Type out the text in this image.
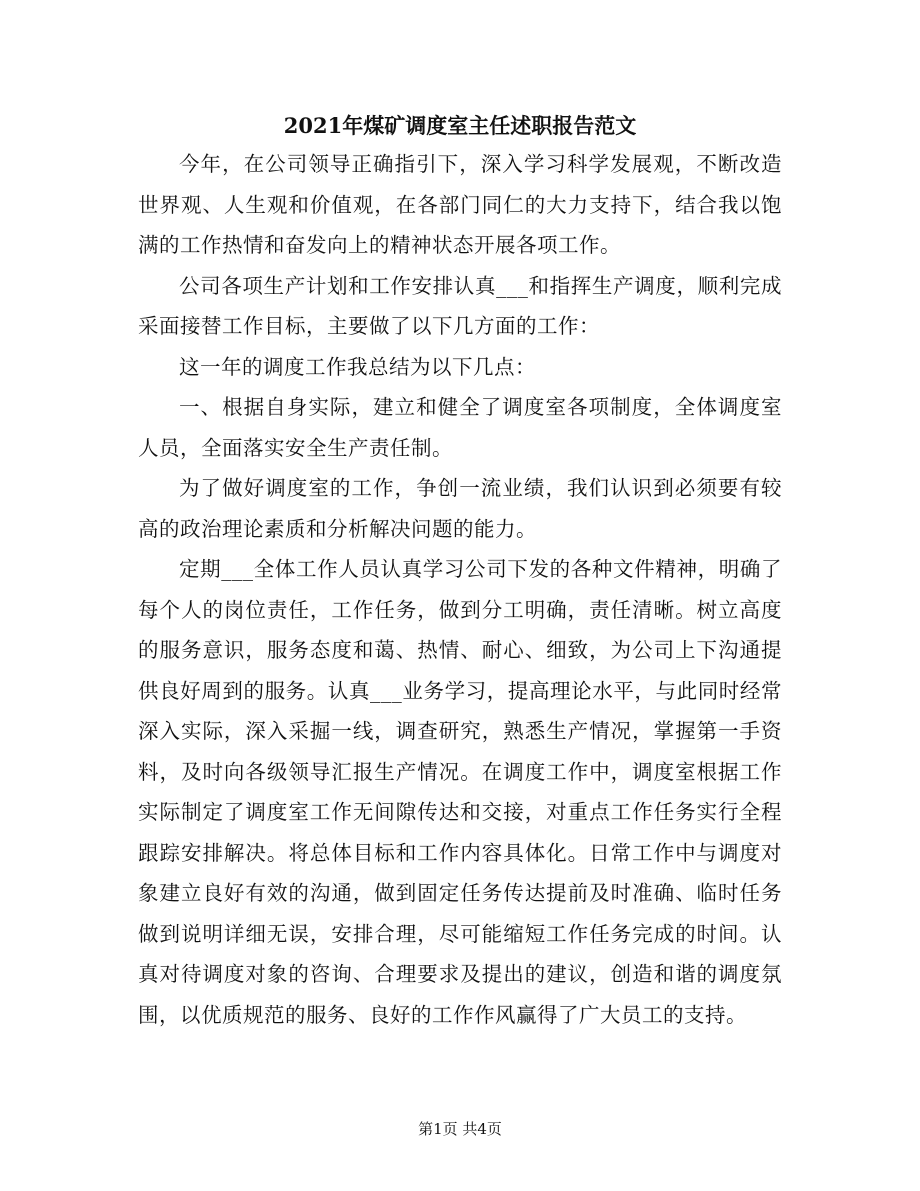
2021年煤矿调度室主任述职报告范文

今年，在公司领导正确指引下，深入学习科学发展观，不断改造世界观、人生观和价值观，在各部门同仁的大力支持下，结合我以饱满的工作热情和奋发向上的精神状态开展各项工作。

公司各项生产计划和工作安排认真___和指挥生产调度，顺利完成采面接替工作目标，主要做了以下几方面的工作：

这一年的调度工作我总结为以下几点：

一、根据自身实际，建立和健全了调度室各项制度，全体调度室人员，全面落实安全生产责任制。

为了做好调度室的工作，争创一流业绩，我们认识到必须要有较高的政治理论素质和分析解决问题的能力。

定期___全体工作人员认真学习公司下发的各种文件精神，明确了每个人的岗位责任，工作任务，做到分工明确，责任清晰。树立高度的服务意识，服务态度和蔼、热情、耐心、细致，为公司上下沟通提供良好周到的服务。认真___业务学习，提高理论水平，与此同时经常深入实际，深入采掘一线，调查研究，熟悉生产情况，掌握第一手资料，及时向各级领导汇报生产情况。在调度工作中，调度室根据工作实际制定了调度室工作无间隙传达和交接，对重点工作任务实行全程跟踪安排解决。将总体目标和工作内容具体化。日常工作中与调度对象建立良好有效的沟通，做到固定任务传达提前及时准确、临时任务做到说明详细无误，安排合理，尽可能缩短工作任务完成的时间。认真对待调度对象的咨询、合理要求及提出的建议，创造和谐的调度氛围，以优质规范的服务、良好的工作作风赢得了广大员工的支持。

第1页 共4页
